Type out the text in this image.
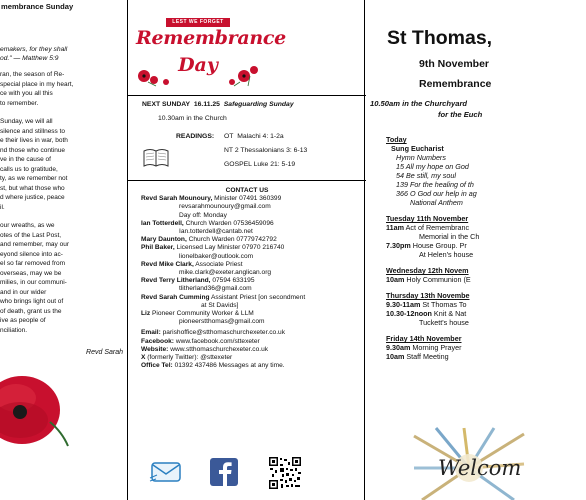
membrance Sunday
emakers, for they shall
od." — Matthew 5:9
ran, the season of Re-
special place in my heart,
ce with you all this
to remember.
Sunday, we will all
silence and stillness to
e their lives in war, both
nd those who continue
ve in the cause of
calls us to gratitude,
ty, as we remember not
st, but what those who
d where justice, peace
il.
our wreaths, as we
otes of the Last Post,
and remember, may our
eyond silence into ac-
el so far removed from
overseas, may we be
milies, in our communi-
and in our wider
who brings light out of
of death, grant us the
ive as people of
nciliation.
Revd Sarah
LEST WE FORGET
Remembrance
Day
NEXT SUNDAY 16.11.25 Safeguarding Sunday
10.30am in the Church
READINGS: OT Malachi 4: 1-2a
NT 2 Thessalonians 3: 6-13
GOSPEL Luke 21: 5-19
CONTACT US
Revd Sarah Mounoury, Minister 07491 360399
revsarahmounoury@gmail.com
Day off: Monday
Ian Totterdell, Church Warden 07536459096
Ian.totterdell@cantab.net
Mary Daunton, Church Warden 07779742792
Phil Baker, Licensed Lay Minister 07970 216740
lionelbaker@outlook.com
Revd Mike Clark, Associate Priest
mike.clark@exeter.anglican.org
Revd Terry Litherland, 07594 633195
tlitherland36@gmail.com
Revd Sarah Cumming Assistant Priest [on secondment
at St Davids]
Liz Pioneer Community Worker & LLM
pioneerstthomas@gmail.com
Email: parishoffice@stthomaschurchexeter.co.uk
Facebook: www.facebook.com/sttexeter
Website: www.stthomaschurchexeter.co.uk
X (formerly Twitter): @sttexeter
Office Tel: 01392 437486 Messages at any time.
St Thomas,
9th November
Remembrance
10.50am in the Churchyard
for the Euch
Today
Sung Eucharist
Hymn Numbers
15 All my hope on God
54 Be still, my soul
139 For the healing of th
366 O God our help in ag
National Anthem
Tuesday 11th November
11am Act of Remembranc
Memorial in the Ch
7.30pm House Group. Pr
At Helen's house
Wednesday 12th Novem
10am Holy Communion (E
Thursday 13th Novembe
9.30-11am St Thomas To
10.30-12noon Knit & Nat
Tuckett's house
Friday 14th November
9.30am Morning Prayer
10am Staff Meeting
Welcom
